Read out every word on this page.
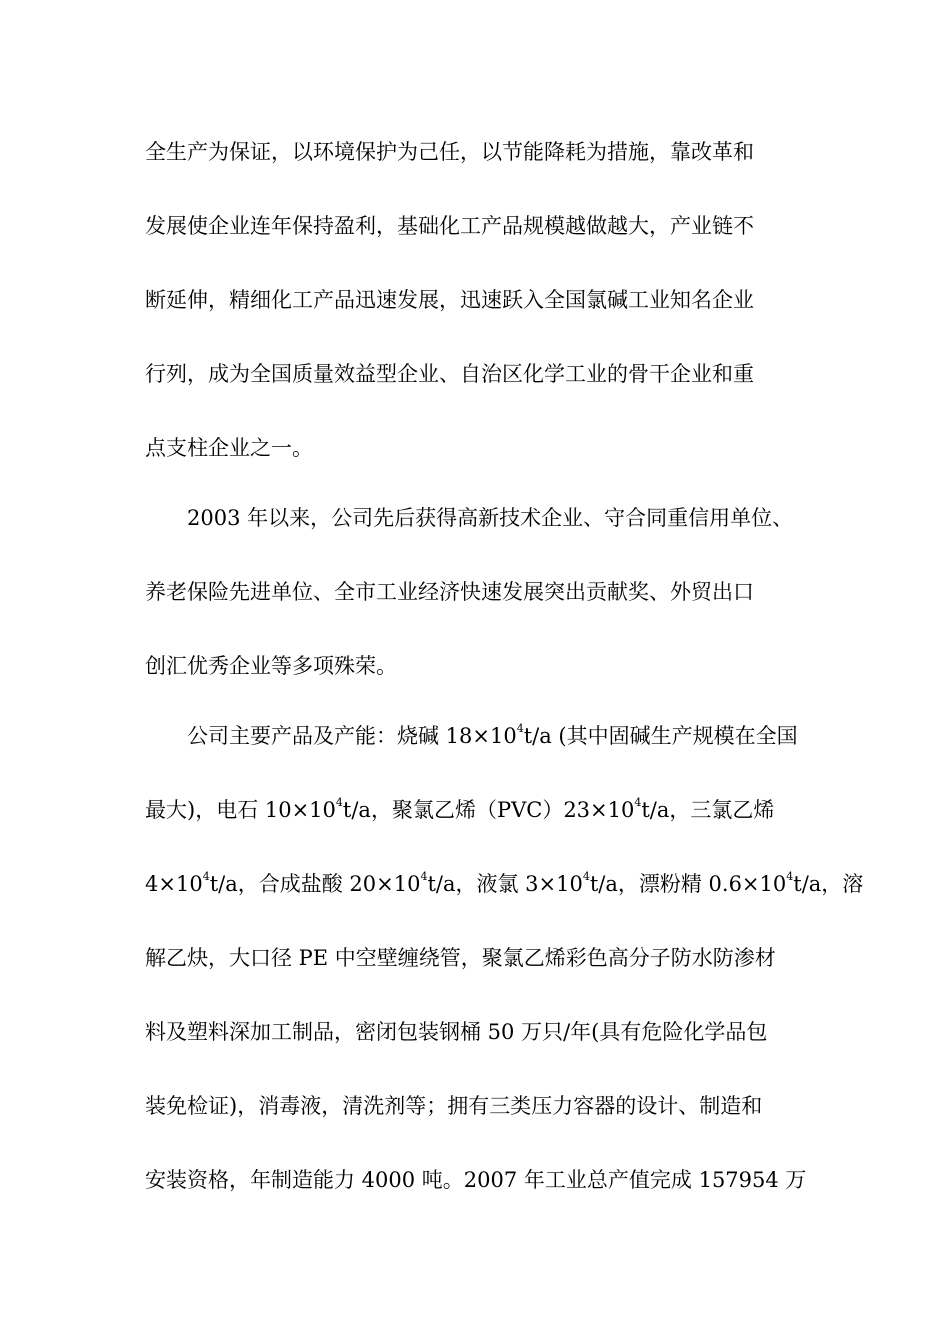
全生产为保证，以环境保护为己任，以节能降耗为措施，靠改革和
发展使企业连年保持盈利，基础化工产品规模越做越大，产业链不
断延伸，精细化工产品迅速发展，迅速跃入全国氯碱工业知名企业
行列，成为全国质量效益型企业、自治区化学工业的骨干企业和重
点支柱企业之一。
2003 年以来，公司先后获得高新技术企业、守合同重信用单位、
养老保险先进单位、全市工业经济快速发展突出贡献奖、外贸出口
创汇优秀企业等多项殊荣。
公司主要产品及产能：烧碱 $18\times 10^4t/a$ (其中固碱生产规模在全国
最大)，电石 $10\times 10^4t/a$，聚氯乙烯$(PVC)23\times 10^4t/a$，三氯乙烯
$4\times 10^4t/a$，合成盐酸 $20\times 10^4t/a$，液氯 $3\times 10^4t/a$，漂粉精 $0.6\times 10^4t/a$，溶
解乙炔，大口径 PE 中空壁缠绕管，聚氯乙烯彩色高分子防水防渗材
料及塑料深加工制品，密闭包装钢桶 50 万只/年(具有危险化学品包
装免检证)，消毒液，清洗剂等；拥有三类压力容器的设计、制造和
安装资格，年制造能力 4000 吨。2007 年工业总产值完成 157954 万
